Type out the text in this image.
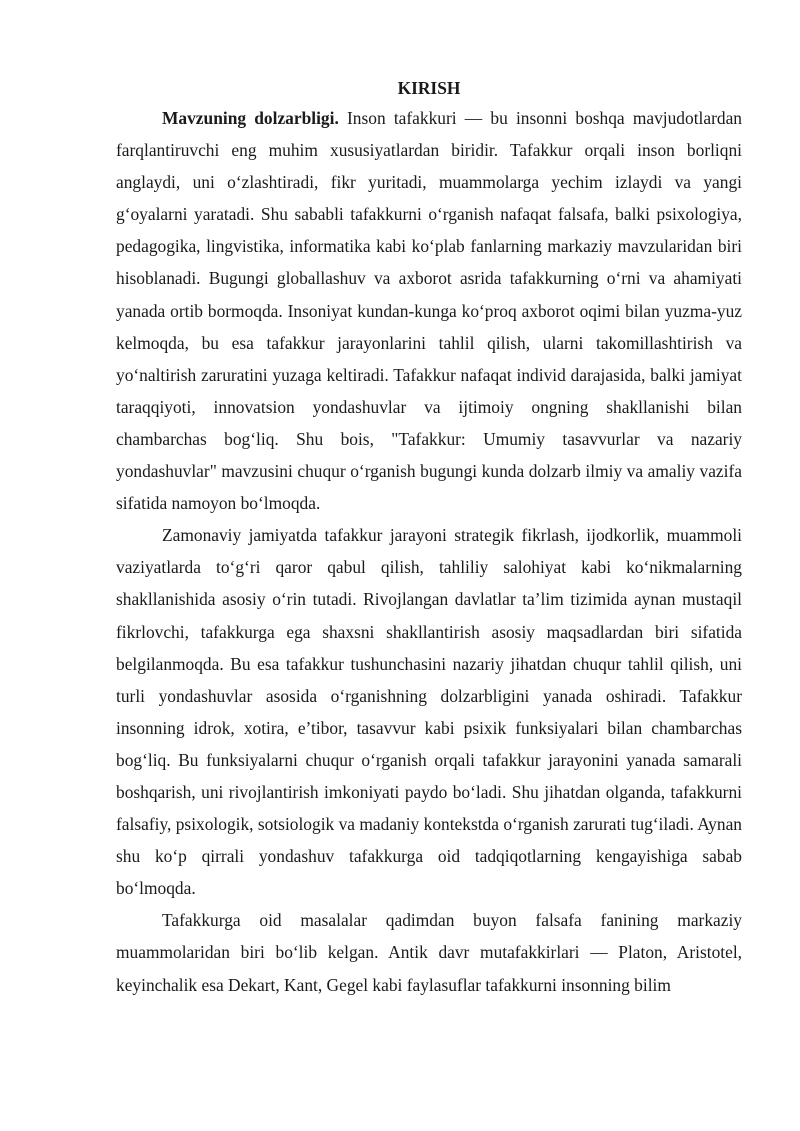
KIRISH

Mavzuning dolzarbligi. Inson tafakkuri — bu insonni boshqa mavjudotlardan farqlantiruvchi eng muhim xususiyatlardan biridir. Tafakkur orqali inson borliqni anglaydi, uni oʻzlashtiradi, fikr yuritadi, muammolarga yechim izlaydi va yangi gʻoyalarni yaratadi. Shu sababli tafakkurni oʻrganish nafaqat falsafa, balki psixologiya, pedagogika, lingvistika, informatika kabi koʻplab fanlarning markaziy mavzularidan biri hisoblanadi. Bugungi globallashuv va axborot asrida tafakkurning oʻrni va ahamiyati yanada ortib bormoqda. Insoniyat kundan-kunga koʻproq axborot oqimi bilan yuzma-yuz kelmoqda, bu esa tafakkur jarayonlarini tahlil qilish, ularni takomillashtirish va yoʻnaltirish zaruratini yuzaga keltiradi. Tafakkur nafaqat individ darajasida, balki jamiyat taraqqiyoti, innovatsion yondashuvlar va ijtimoiy ongning shakllanishi bilan chambarchas bogʻliq. Shu bois, "Tafakkur: Umumiy tasavvurlar va nazariy yondashuvlar" mavzusini chuqur oʻrganish bugungi kunda dolzarb ilmiy va amaliy vazifa sifatida namoyon boʻlmoqda.

Zamonaviy jamiyatda tafakkur jarayoni strategik fikrlash, ijodkorlik, muammoli vaziyatlarda toʻgʻri qaror qabul qilish, tahliliy salohiyat kabi koʻnikmalarning shakllanishida asosiy oʻrin tutadi. Rivojlangan davlatlar ta’lim tizimida aynan mustaqil fikrlovchi, tafakkurga ega shaxsni shakllantirish asosiy maqsadlardan biri sifatida belgilanmoqda. Bu esa tafakkur tushunchasini nazariy jihatdan chuqur tahlil qilish, uni turli yondashuvlar asosida oʻrganishning dolzarbligini yanada oshiradi. Tafakkur insonning idrok, xotira, e’tibor, tasavvur kabi psixik funksiyalari bilan chambarchas bogʻliq. Bu funksiyalarni chuqur oʻrganish orqali tafakkur jarayonini yanada samarali boshqarish, uni rivojlantirish imkoniyati paydo boʻladi. Shu jihatdan olganda, tafakkurni falsafiy, psixologik, sotsiologik va madaniy kontekstda oʻrganish zarurati tugʻiladi. Aynan shu koʻp qirrali yondashuv tafakkurga oid tadqiqotlarning kengayishiga sabab boʻlmoqda.

Tafakkurga oid masalalar qadimdan buyon falsafa fanining markaziy muammolaridan biri boʻlib kelgan. Antik davr mutafakkirlari — Platon, Aristotel, keyinchalik esa Dekart, Kant, Gegel kabi faylasuflar tafakkurni insonning bilim
